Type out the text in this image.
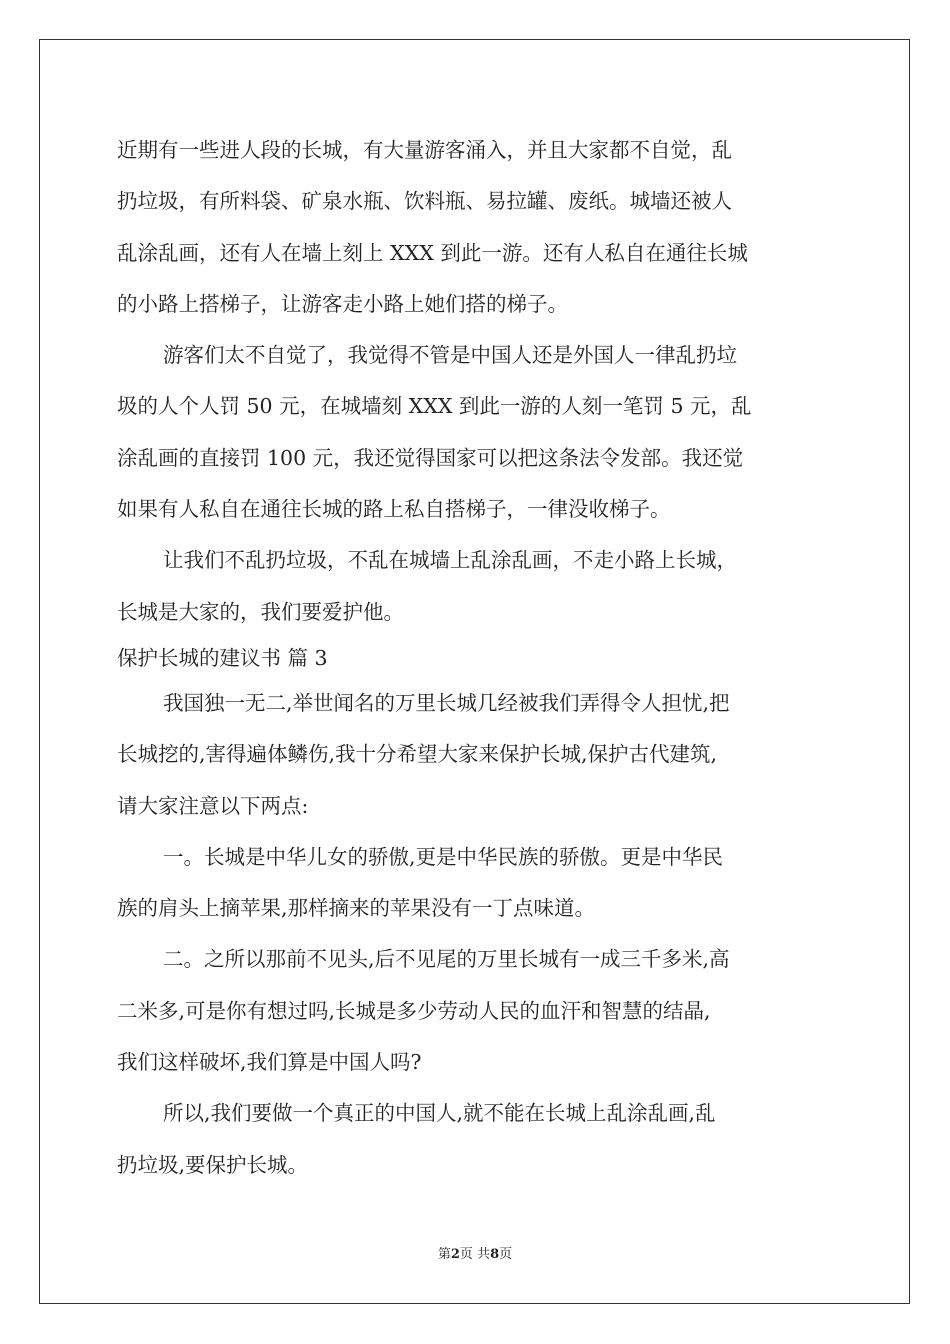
近期有一些进人段的长城，有大量游客涌入，并且大家都不自觉，乱
扔垃圾，有所料袋、矿泉水瓶、饮料瓶、易拉罐、废纸。城墙还被人
乱涂乱画，还有人在墙上刻上 XXX 到此一游。还有人私自在通往长城
的小路上搭梯子，让游客走小路上她们搭的梯子。
游客们太不自觉了，我觉得不管是中国人还是外国人一律乱扔垃
圾的人个人罚 50 元，在城墙刻 XXX 到此一游的人刻一笔罚 5 元，乱
涂乱画的直接罚 100 元，我还觉得国家可以把这条法令发部。我还觉
如果有人私自在通往长城的路上私自搭梯子，一律没收梯子。
让我们不乱扔垃圾，不乱在城墙上乱涂乱画，不走小路上长城，
长城是大家的，我们要爱护他。
保护长城的建议书 篇 3
我国独一无二,举世闻名的万里长城几经被我们弄得令人担忧,把
长城挖的,害得遍体鳞伤,我十分希望大家来保护长城,保护古代建筑,
请大家注意以下两点:
一。长城是中华儿女的骄傲,更是中华民族的骄傲。更是中华民
族的肩头上摘苹果,那样摘来的苹果没有一丁点味道。
二。之所以那前不见头,后不见尾的万里长城有一成三千多米,高
二米多,可是你有想过吗,长城是多少劳动人民的血汗和智慧的结晶,
我们这样破坏,我们算是中国人吗?
所以,我们要做一个真正的中国人,就不能在长城上乱涂乱画,乱
扔垃圾,要保护长城。
第2页 共8页
